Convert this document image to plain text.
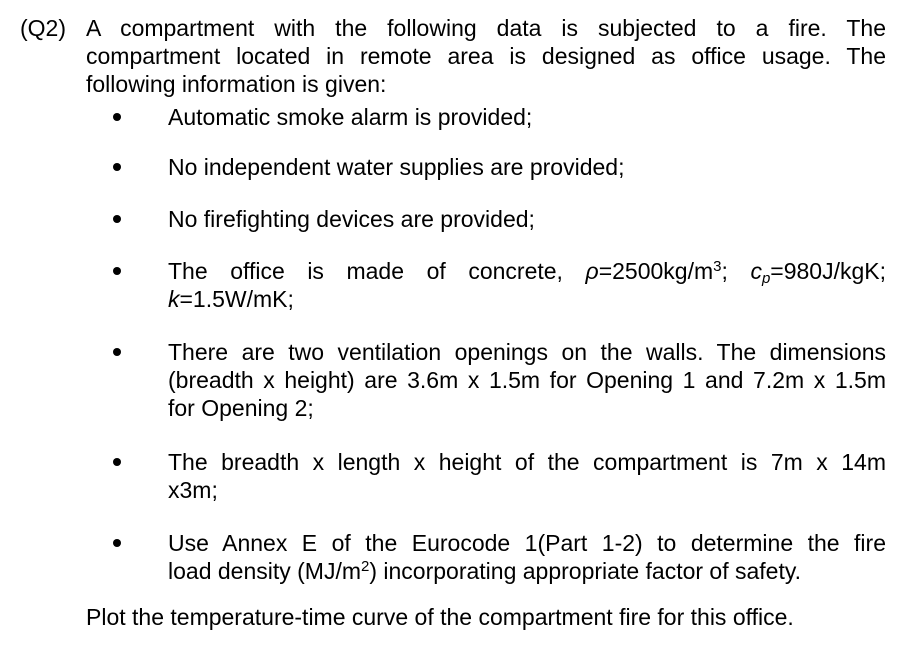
(Q2) A compartment with the following data is subjected to a fire. The
compartment located in remote area is designed as office usage. The
following information is given:
Automatic smoke alarm is provided;
No independent water supplies are provided;
No firefighting devices are provided;
The office is made of concrete, $\rho=2500kg/m^3$; $c_p=980J$/kgK;
k=1.5W/mK;
There are two ventilation openings on the walls. The dimensions
(breadth x height) are 3.6m x 1.5m for Opening 1 and 7.2m x 1.5m
for Opening 2;
The breadth x length x height of the compartment is 7m x 14m
x3m;
Use Annex E of the Eurocode 1(Part 1-2) to determine the fire
load density $(MJ/m^2)$ incorporating appropriate factor of safety.
Plot the temperature-time curve of the compartment fire for this office.
